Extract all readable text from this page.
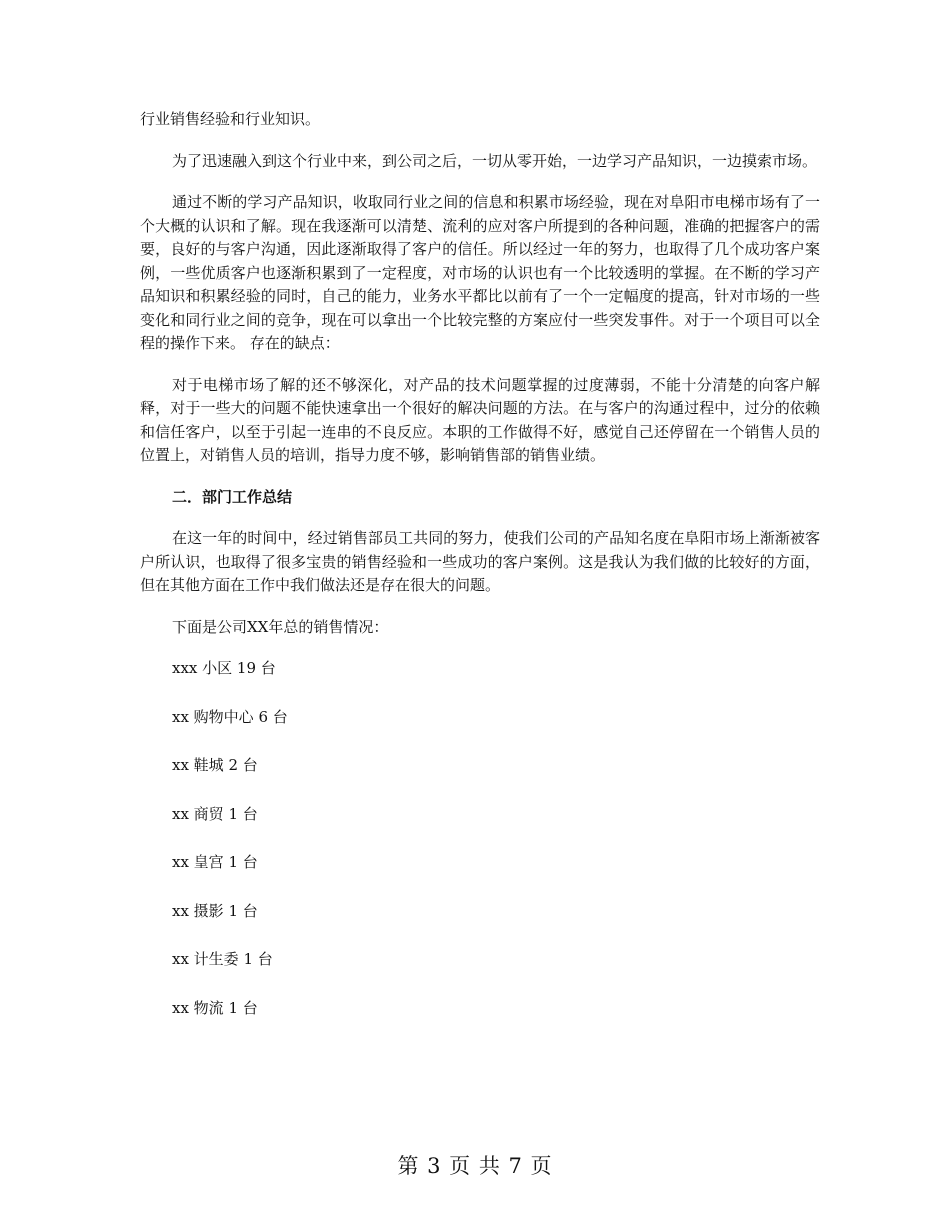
行业销售经验和行业知识。

为了迅速融入到这个行业中来，到公司之后，一切从零开始，一边学习产品知识，一边摸索市场。

通过不断的学习产品知识，收取同行业之间的信息和积累市场经验，现在对阜阳市电梯市场有了一个大概的认识和了解。现在我逐渐可以清楚、流利的应对客户所提到的各种问题，准确的把握客户的需要，良好的与客户沟通，因此逐渐取得了客户的信任。所以经过一年的努力，也取得了几个成功客户案例，一些优质客户也逐渐积累到了一定程度，对市场的认识也有一个比较透明的掌握。在不断的学习产品知识和积累经验的同时，自己的能力，业务水平都比以前有了一个一定幅度的提高，针对市场的一些变化和同行业之间的竞争，现在可以拿出一个比较完整的方案应付一些突发事件。对于一个项目可以全程的操作下来。 存在的缺点：

对于电梯市场了解的还不够深化，对产品的技术问题掌握的过度薄弱，不能十分清楚的向客户解释，对于一些大的问题不能快速拿出一个很好的解决问题的方法。在与客户的沟通过程中，过分的依赖和信任客户，以至于引起一连串的不良反应。本职的工作做得不好，感觉自己还停留在一个销售人员的位置上，对销售人员的培训，指导力度不够，影响销售部的销售业绩。

二．部门工作总结

在这一年的时间中，经过销售部员工共同的努力，使我们公司的产品知名度在阜阳市场上渐渐被客户所认识，也取得了很多宝贵的销售经验和一些成功的客户案例。这是我认为我们做的比较好的方面，但在其他方面在工作中我们做法还是存在很大的问题。

下面是公司XX年总的销售情况：

xxx 小区 19 台
xx 购物中心 6 台
xx 鞋城 2 台
xx 商贸 1 台
xx 皇宫 1 台
xx 摄影 1 台
xx 计生委 1 台
xx 物流 1 台
第 3 页 共 7 页
